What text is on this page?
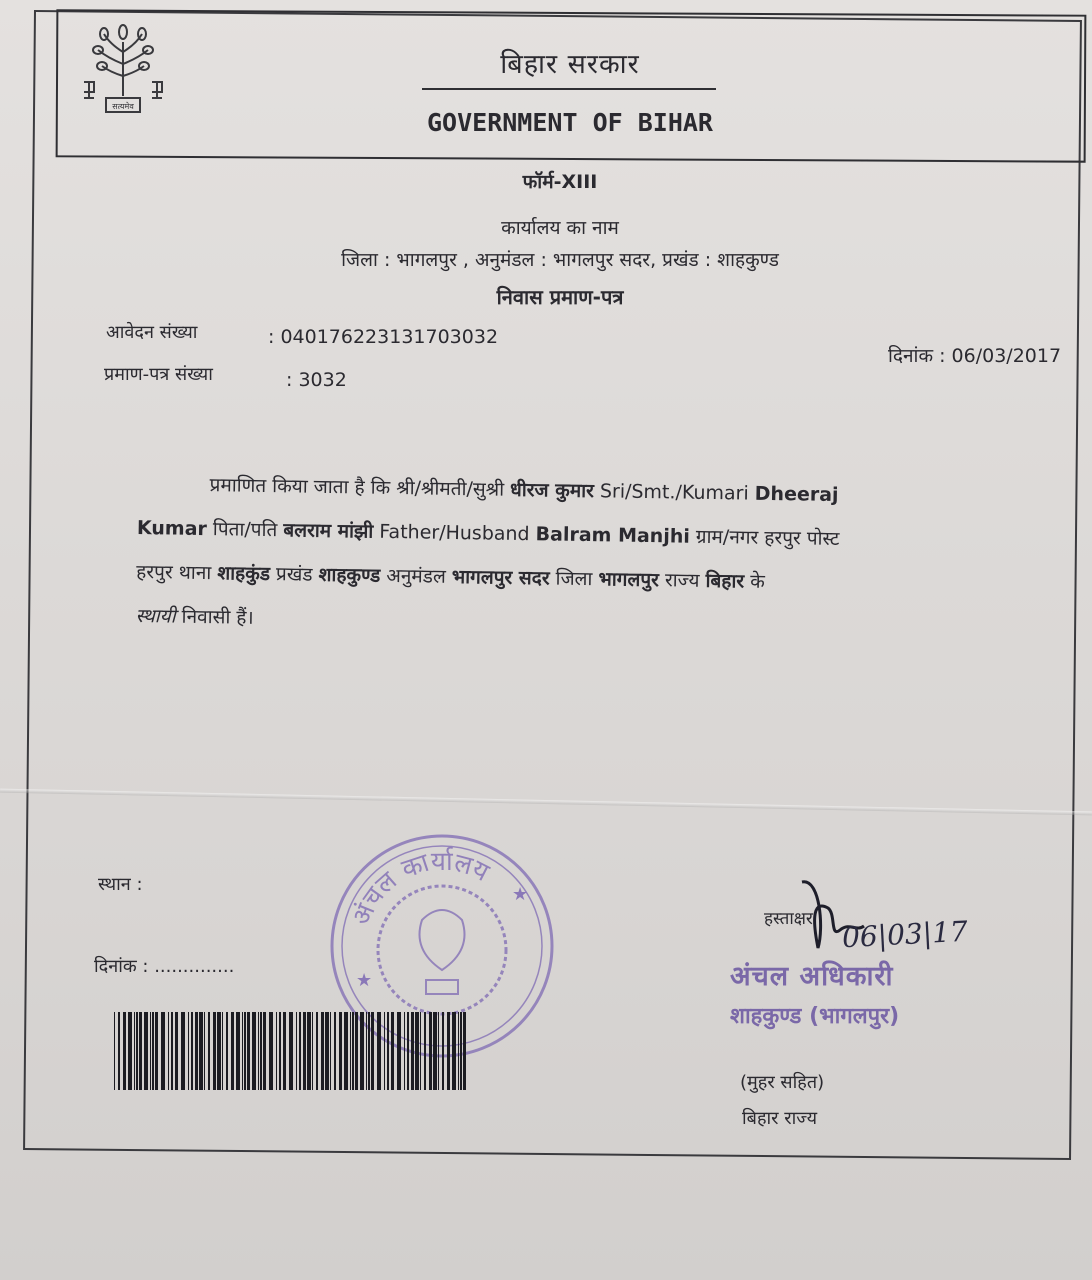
सत्यमेव
बिहार सरकार
GOVERNMENT OF BIHAR
फॉर्म-XIII
कार्यालय का नाम
जिला : भागलपुर , अनुमंडल : भागलपुर सदर, प्रखंड : शाहकुण्ड
निवास प्रमाण-पत्र
आवेदन संख्या	: 040176223131703032
प्रमाण-पत्र संख्या	: 3032
दिनांक : 06/03/2017

प्रमाणित किया जाता है कि श्री/श्रीमती/सुश्री धीरज कुमार Sri/Smt./Kumari Dheeraj

Kumar पिता/पति बलराम मांझी Father/Husband Balram Manjhi ग्राम/नगर हरपुर पोस्ट

हरपुर थाना शाहकुंड प्रखंड शाहकुण्ड अनुमंडल भागलपुर सदर जिला भागलपुर राज्य बिहार के

स्थायी निवासी हैं।

स्थान :
दिनांक : ..............
अंचल कार्यालय
★
★
हस्ताक्षर 06|03|17
अंचल अधिकारी
शाहकुण्ड (भागलपुर)
(मुहर सहित)
बिहार राज्य
